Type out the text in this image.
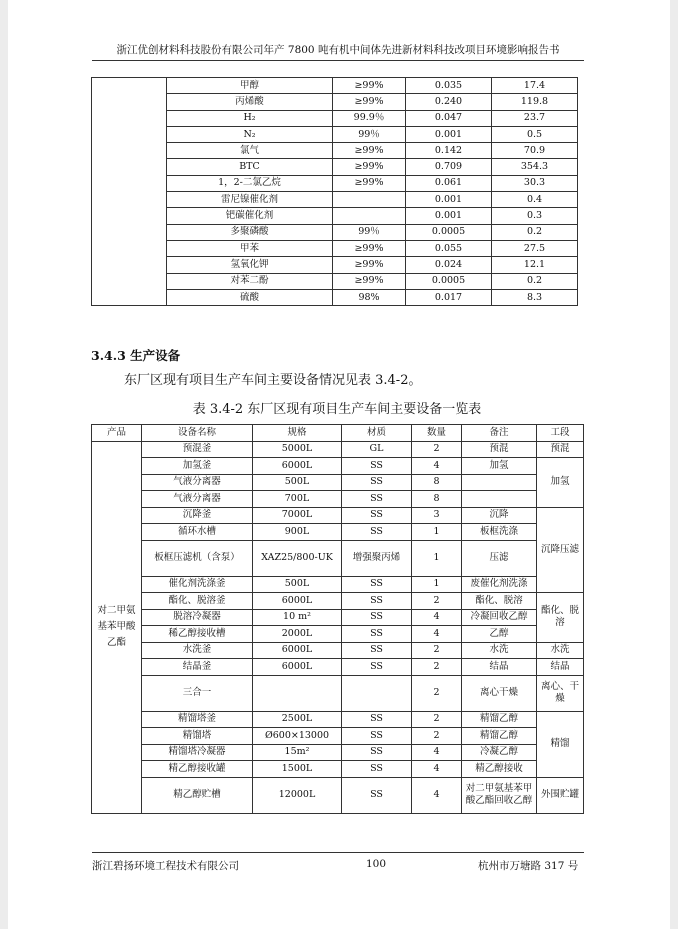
浙江优创材料科技股份有限公司年产 7800 吨有机中间体先进新材料科技改项目环境影响报告书
	甲醇	≥99%	0.035	17.4
	丙烯酸	≥99%	0.240	119.8
	H₂	99.9％	0.047	23.7
	N₂	99％	0.001	0.5
	氯气	≥99%	0.142	70.9
	BTC	≥99%	0.709	354.3
	1，2-二氯乙烷	≥99%	0.061	30.3
	雷尼镍催化剂		0.001	0.4
	钯碳催化剂		0.001	0.3
	多聚磷酸	99％	0.0005	0.2
	甲苯	≥99%	0.055	27.5
	氢氧化钾	≥99%	0.024	12.1
	对苯二酚	≥99%	0.0005	0.2
	硫酸	98%	0.017	8.3
3.4.3 生产设备
东厂区现有项目生产车间主要设备情况见表 3.4-2。
表 3.4-2 东厂区现有项目生产车间主要设备一览表
产品	设备名称	规格	材质	数量	备注	工段
对二甲氨基苯甲酸乙酯	预混釜	5000L	GL	2	预混	预混
	加氢釜	6000L	SS	4	加氢	加氢
	气液分离器	500L	SS	8		
	气液分离器	700L	SS	8		
	沉降釜	7000L	SS	3	沉降	沉降压滤
	循环水槽	900L	SS	1	板框洗涤	
	板框压滤机（含泵）	XAZ25/800-UK	增强聚丙烯	1	压滤	
	催化剂洗涤釜	500L	SS	1	废催化剂洗涤	
	酯化、脱溶釜	6000L	SS	2	酯化、脱溶	酯化、脱溶
	脱溶冷凝器	10 m²	SS	4	冷凝回收乙醇	
	稀乙醇接收槽	2000L	SS	4	乙醇	
	水洗釜	6000L	SS	2	水洗	水洗
	结晶釜	6000L	SS	2	结晶	结晶
	三合一			2	离心干燥	离心、干燥
	精馏塔釜	2500L	SS	2	精馏乙醇	精馏
	精馏塔	Ø600×13000	SS	2	精馏乙醇	
	精馏塔冷凝器	15m²	SS	4	冷凝乙醇	
	精乙醇接收罐	1500L	SS	4	精乙醇接收	
	精乙醇贮槽	12000L	SS	4	对二甲氨基苯甲酸乙酯回收乙醇	外围贮罐
浙江碧扬环境工程技术有限公司	100	杭州市万塘路 317 号
